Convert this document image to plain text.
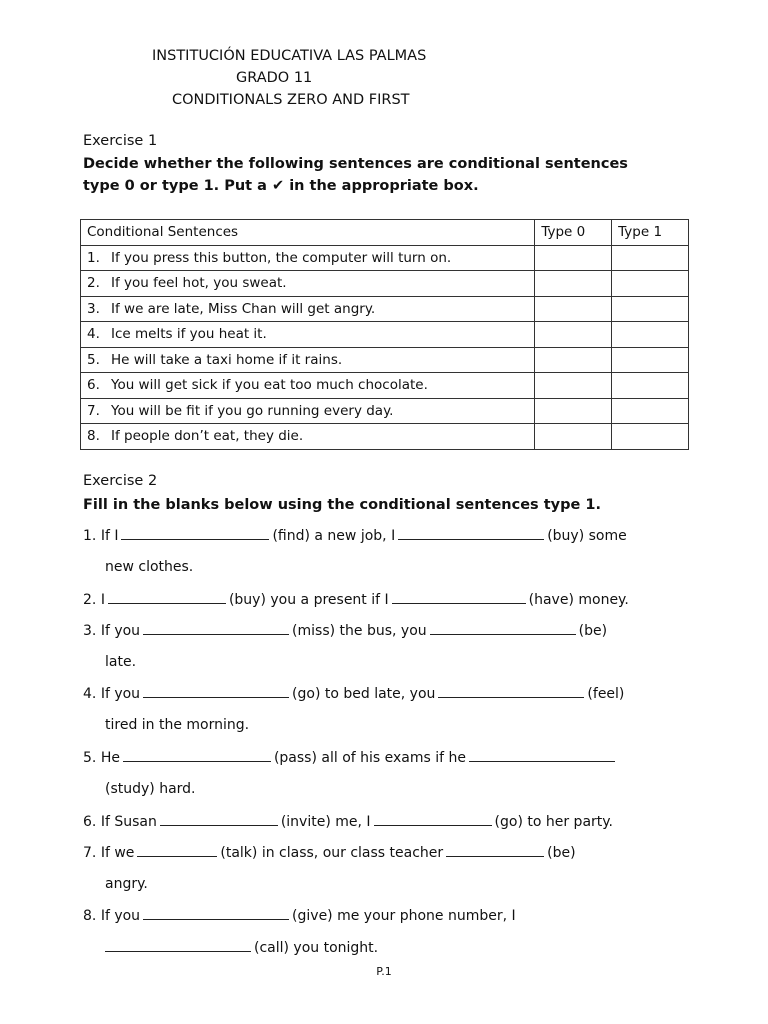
INSTITUCIÓN EDUCATIVA LAS PALMAS
GRADO 11
CONDITIONALS ZERO AND FIRST
Exercise 1
Decide whether the following sentences are conditional sentences
type 0 or type 1. Put a ✔ in the appropriate box.
Conditional Sentences	Type 0	Type 1
1. If you press this button, the computer will turn on.		
2. If you feel hot, you sweat.		
3. If we are late, Miss Chan will get angry.		
4. Ice melts if you heat it.		
5. He will take a taxi home if it rains.		
6. You will get sick if you eat too much chocolate.		
7. You will be fit if you go running every day.		
8. If people don’t eat, they die.		
Exercise 2
Fill in the blanks below using the conditional sentences type 1.
1. If I	(find) a new job, I	(buy) some
new clothes.
2. I	(buy) you a present if I	(have) money.
3. If you	(miss) the bus, you	(be)
late.
4. If you	(go) to bed late, you	(feel)
tired in the morning.
5. He	(pass) all of his exams if he
(study) hard.
6. If Susan	(invite) me, I	(go) to her party.
7. If we	(talk) in class, our class teacher	(be)
angry.
8. If you	(give) me your phone number, I
(call) you tonight.
P.1
